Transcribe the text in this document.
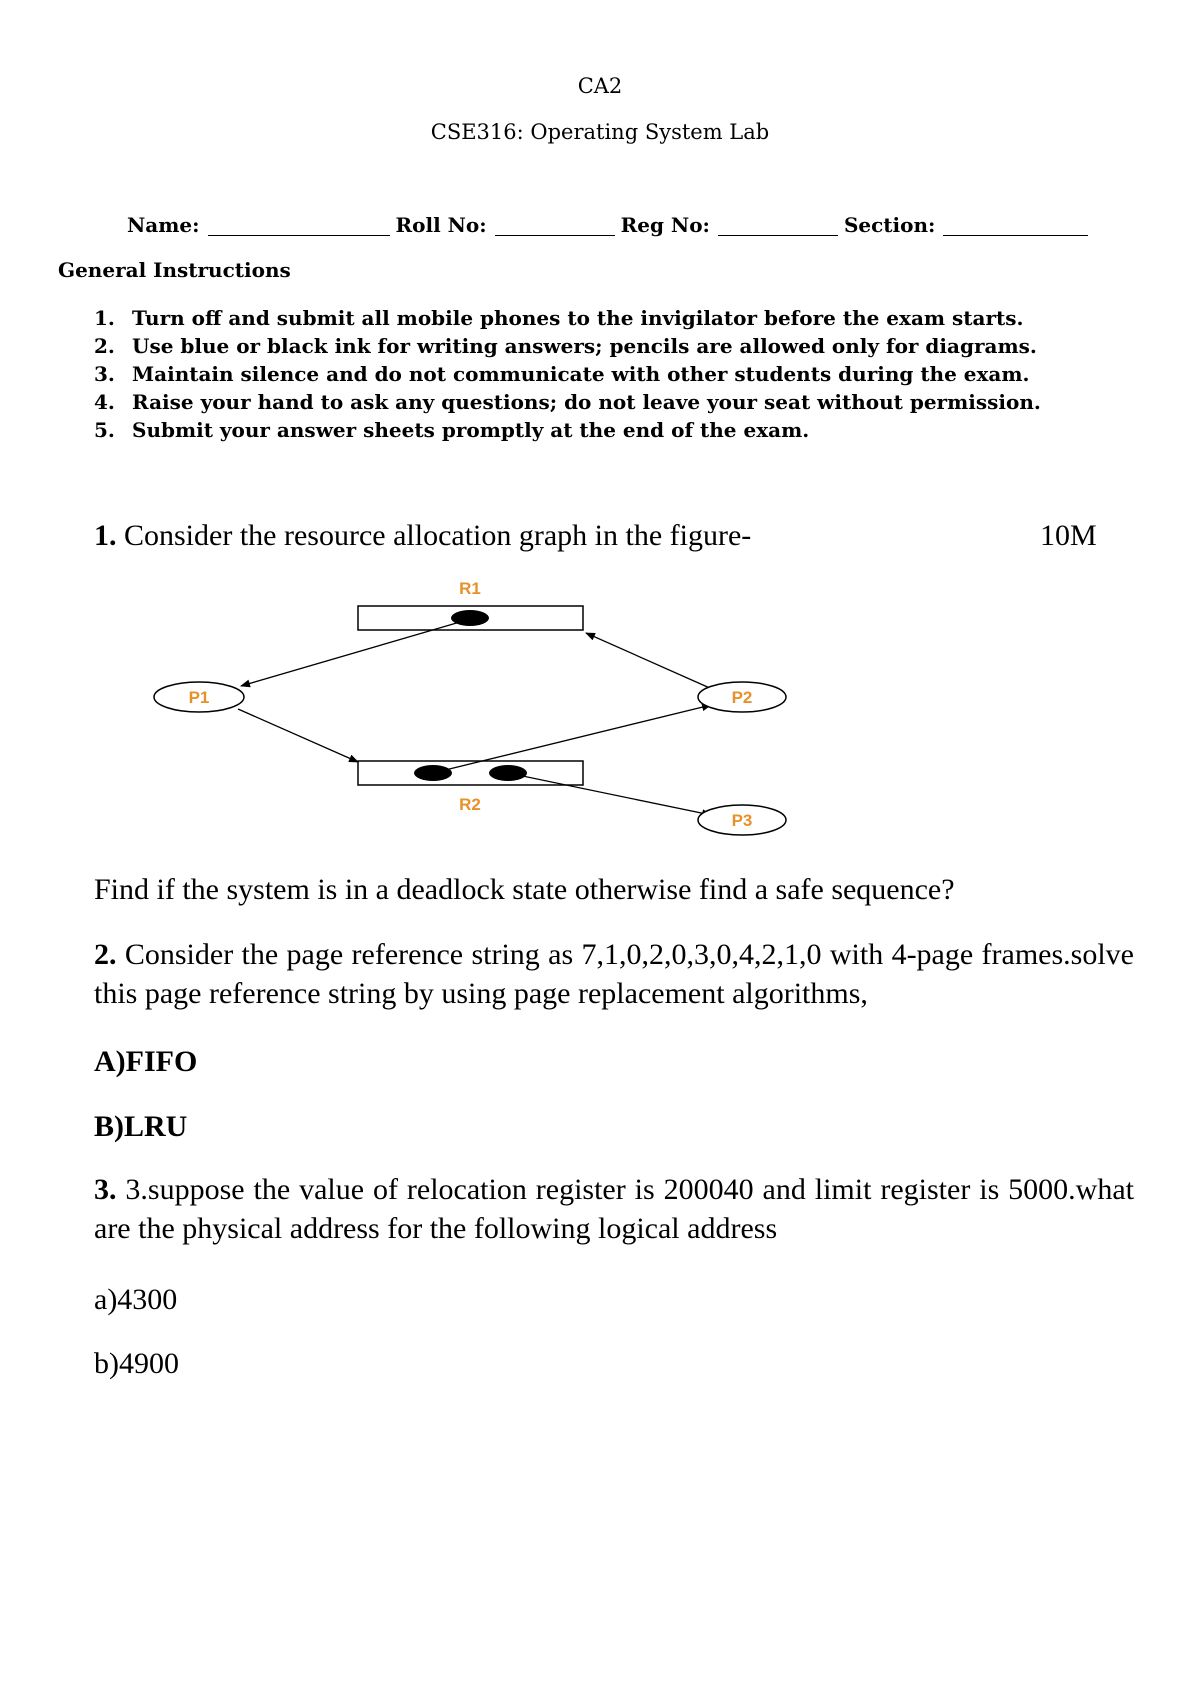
CA2
CSE316: Operating System Lab
Name:	Roll No:	Reg No:	Section:
General Instructions
1. Turn off and submit all mobile phones to the invigilator before the exam starts.
2. Use blue or black ink for writing answers; pencils are allowed only for diagrams.
3. Maintain silence and do not communicate with other students during the exam.
4. Raise your hand to ask any questions; do not leave your seat without permission.
5. Submit your answer sheets promptly at the end of the exam.
1. Consider the resource allocation graph in the figure-	10M
R1
R2
P1	P2
P3
Find if the system is in a deadlock state otherwise find a safe sequence?
2. Consider the page reference string as 7,1,0,2,0,3,0,4,2,1,0 with 4-page frames.solve this page reference string by using page replacement algorithms,
A)FIFO
B)LRU
3. 3.suppose the value of relocation register is 200040 and limit register is 5000.what are the physical address for the following logical address
a)4300
b)4900
